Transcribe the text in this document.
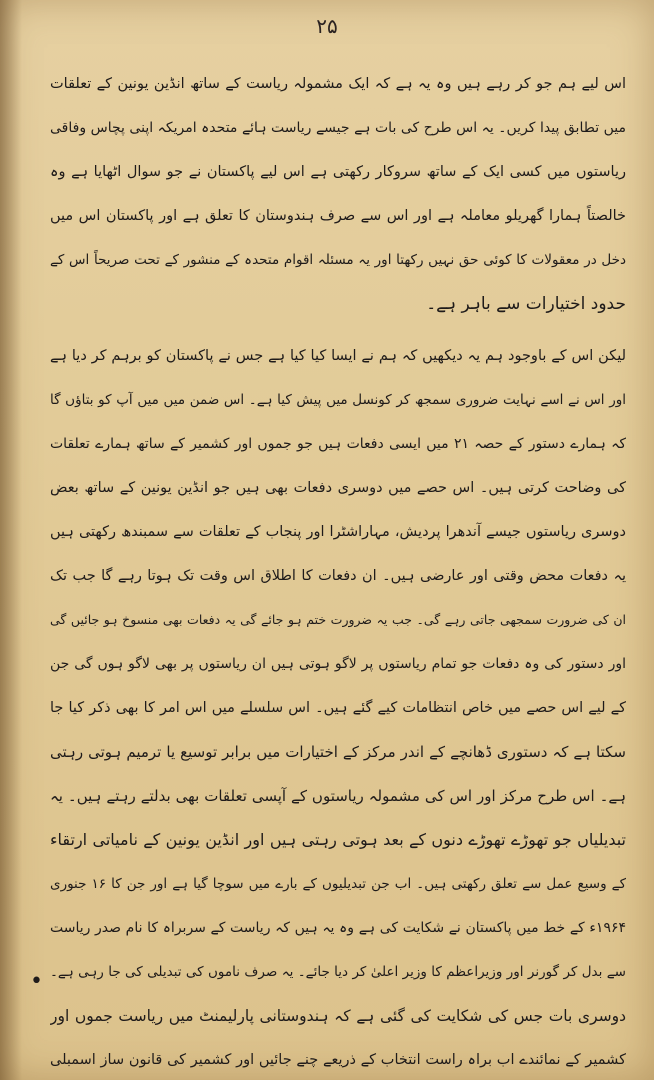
۲۵
•
اس لیے ہم جو کر رہے ہیں وہ یہ ہے کہ ایک مشمولہ ریاست کے ساتھ انڈین یونین کے تعلقات
میں تطابق پیدا کریں۔ یہ اس طرح کی بات ہے جیسے ریاست ہائے متحدہ امریکہ اپنی پچاس وفاقی
ریاستوں میں کسی ایک کے ساتھ سروکار رکھتی ہے اس لیے پاکستان نے جو سوال اٹھایا ہے وہ
خالصتاً ہمارا گھریلو معاملہ ہے اور اس سے صرف ہندوستان کا تعلق ہے اور پاکستان اس میں
دخل در معقولات کا کوئی حق نہیں رکھتا اور یہ مسئلہ اقوام متحدہ کے منشور کے تحت صریحاً اس کے
حدود اختیارات سے باہر ہے۔
لیکن اس کے باوجود ہم یہ دیکھیں کہ ہم نے ایسا کیا کیا ہے جس نے پاکستان کو برہم کر دیا ہے
اور اس نے اسے نہایت ضروری سمجھ کر کونسل میں پیش کیا ہے۔ اس ضمن میں میں آپ کو بتاؤں گا
کہ ہمارے دستور کے حصہ ۲۱ میں ایسی دفعات ہیں جو جموں اور کشمیر کے ساتھ ہمارے تعلقات
کی وضاحت کرتی ہیں۔ اس حصے میں دوسری دفعات بھی ہیں جو انڈین یونین کے ساتھ بعض
دوسری ریاستوں جیسے آندھرا پردیش، مہاراشٹرا اور پنجاب کے تعلقات سے سمبندھ رکھتی ہیں
یہ دفعات محض وقتی اور عارضی ہیں۔ ان دفعات کا اطلاق اس وقت تک ہوتا رہے گا جب تک
ان کی ضرورت سمجھی جاتی رہے گی۔ جب یہ ضرورت ختم ہو جائے گی یہ دفعات بھی منسوخ ہو جائیں گی
اور دستور کی وہ دفعات جو تمام ریاستوں پر لاگو ہوتی ہیں ان ریاستوں پر بھی لاگو ہوں گی جن
کے لیے اس حصے میں خاص انتظامات کیے گئے ہیں۔ اس سلسلے میں اس امر کا بھی ذکر کیا جا
سکتا ہے کہ دستوری ڈھانچے کے اندر مرکز کے اختیارات میں برابر توسیع یا ترمیم ہوتی رہتی
ہے۔ اس طرح مرکز اور اس کی مشمولہ ریاستوں کے آپسی تعلقات بھی بدلتے رہتے ہیں۔ یہ
تبدیلیاں جو تھوڑے تھوڑے دنوں کے بعد ہوتی رہتی ہیں اور انڈین یونین کے نامیاتی ارتقاء
کے وسیع عمل سے تعلق رکھتی ہیں۔ اب جن تبدیلیوں کے بارے میں سوچا گیا ہے اور جن کا ۱۶ جنوری
۱۹۶۴ء کے خط میں پاکستان نے شکایت کی ہے وہ یہ ہیں کہ ریاست کے سربراہ کا نام صدر ریاست
سے بدل کر گورنر اور وزیراعظم کا وزیر اعلیٰ کر دیا جائے۔ یہ صرف ناموں کی تبدیلی کی جا رہی ہے۔
دوسری بات جس کی شکایت کی گئی ہے کہ ہندوستانی پارلیمنٹ میں ریاست جموں اور
کشمیر کے نمائندے اب براہ راست انتخاب کے ذریعے چنے جائیں اور کشمیر کی قانون ساز اسمبلی
